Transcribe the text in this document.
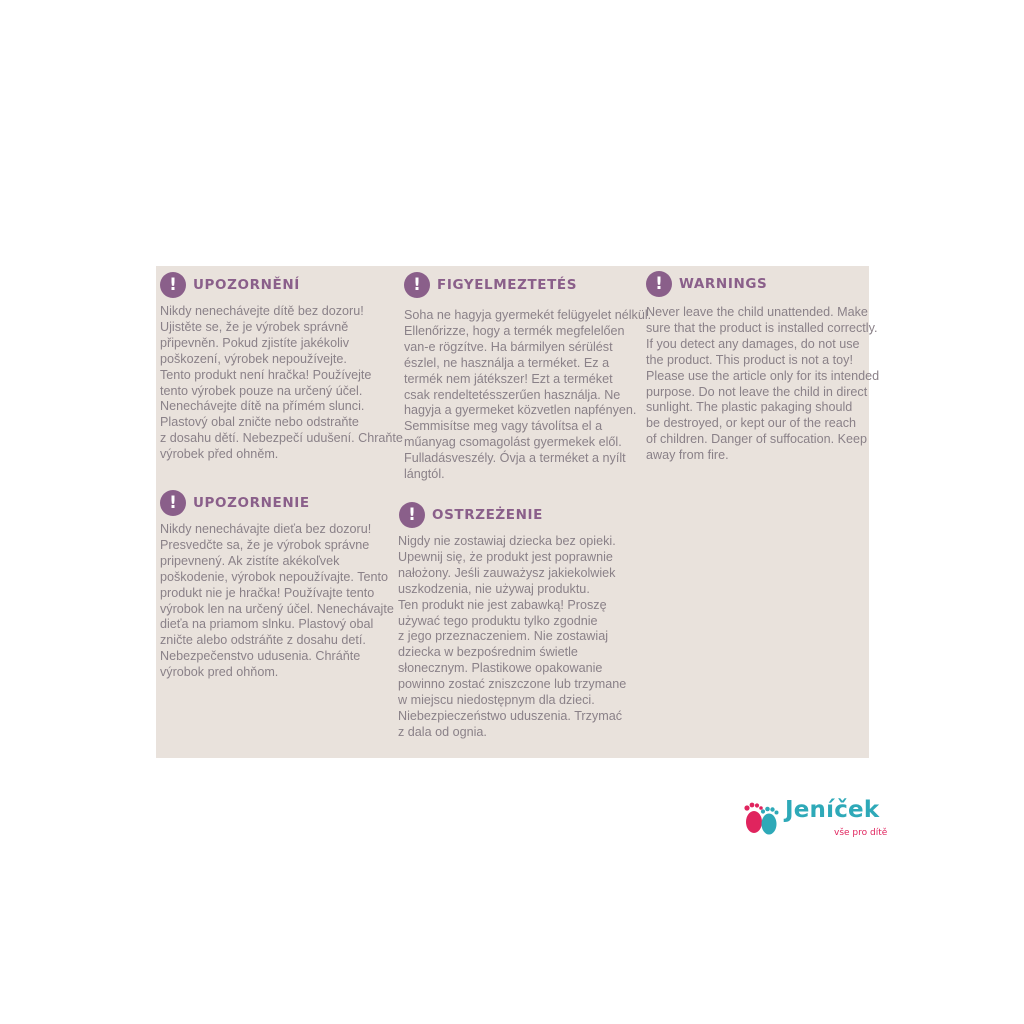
!	UPOZORNĚNÍ
Nikdy nenechávejte dítě bez dozoru!
Ujistěte se, že je výrobek správně
připevněn. Pokud zjistíte jakékoliv
poškození, výrobek nepoužívejte.
Tento produkt není hračka! Používejte
tento výrobek pouze na určený účel.
Nenechávejte dítě na přímém slunci.
Plastový obal zničte nebo odstraňte
z dosahu dětí. Nebezpečí udušení. Chraňte
výrobek před ohněm.
!	UPOZORNENIE
Nikdy nenechávajte dieťa bez dozoru!
Presvedčte sa, že je výrobok správne
pripevnený. Ak zistíte akékoľvek
poškodenie, výrobok nepoužívajte. Tento
produkt nie je hračka! Používajte tento
výrobok len na určený účel. Nenechávajte
dieťa na priamom slnku. Plastový obal
zničte alebo odstráňte z dosahu detí.
Nebezpečenstvo udusenia. Chráňte
výrobok pred ohňom.
!	FIGYELMEZTETÉS
Soha ne hagyja gyermekét felügyelet nélkül.
Ellenőrizze, hogy a termék megfelelően
van-e rögzítve. Ha bármilyen sérülést
észlel, ne használja a terméket. Ez a
termék nem játékszer! Ezt a terméket
csak rendeltetésszerűen használja. Ne
hagyja a gyermeket közvetlen napfényen.
Semmisítse meg vagy távolítsa el a
műanyag csomagolást gyermekek elől.
Fulladásveszély. Óvja a terméket a nyílt
lángtól.
!	OSTRZEŻENIE
Nigdy nie zostawiaj dziecka bez opieki.
Upewnij się, że produkt jest poprawnie
nałożony. Jeśli zauważysz jakiekolwiek
uszkodzenia, nie używaj produktu.
Ten produkt nie jest zabawką! Proszę
używać tego produktu tylko zgodnie
z jego przeznaczeniem. Nie zostawiaj
dziecka w bezpośrednim świetle
słonecznym. Plastikowe opakowanie
powinno zostać zniszczone lub trzymane
w miejscu niedostępnym dla dzieci.
Niebezpieczeństwo uduszenia. Trzymać
z dala od ognia.
!	WARNINGS
Never leave the child unattended. Make
sure that the product is installed correctly.
If you detect any damages, do not use
the product. This product is not a toy!
Please use the article only for its intended
purpose. Do not leave the child in direct
sunlight. The plastic pakaging should
be destroyed, or kept our of the reach
of children. Danger of suffocation. Keep
away from fire.
Jeníček
vše pro dítě
